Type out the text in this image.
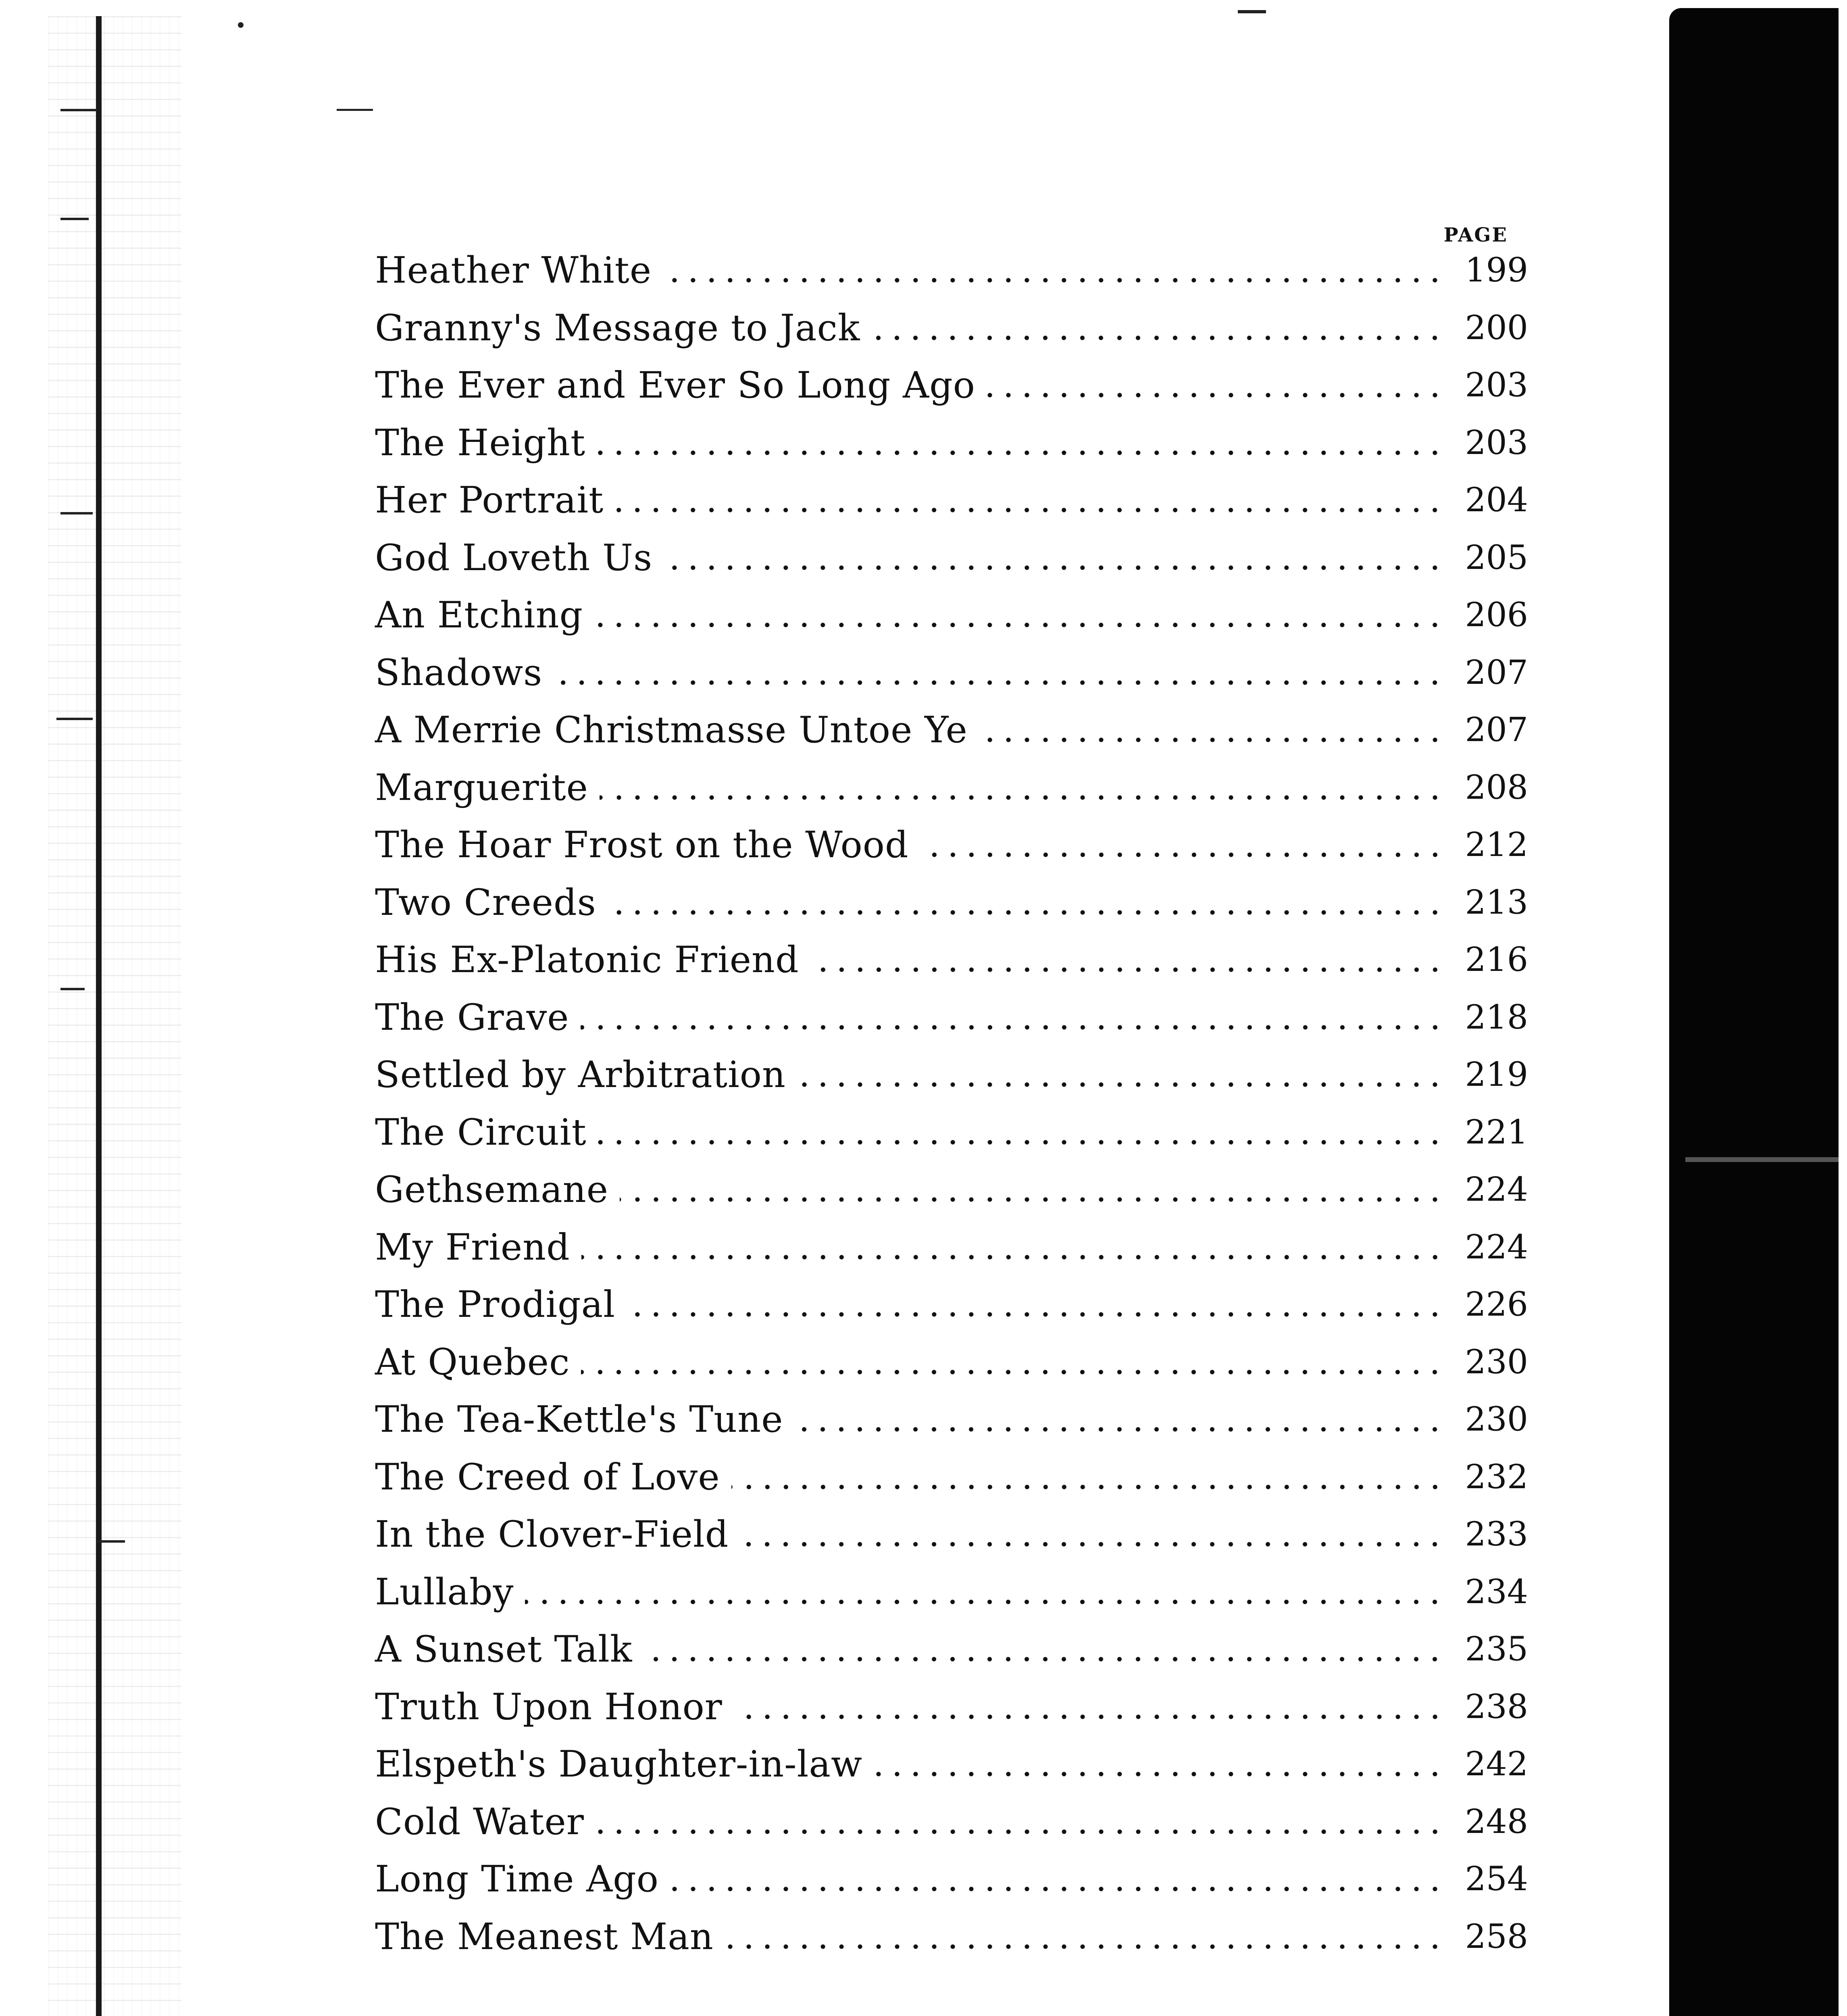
PAGE
Heather White	199
Granny's Message to Jack	200
The Ever and Ever So Long Ago	203
The Height	203
Her Portrait	204
God Loveth Us	205
An Etching	206
Shadows	207
A Merrie Christmasse Untoe Ye	207
Marguerite	208
The Hoar Frost on the Wood	212
Two Creeds	213
His Ex-Platonic Friend	216
The Grave	218
Settled by Arbitration	219
The Circuit	221
Gethsemane	224
My Friend	224
The Prodigal	226
At Quebec	230
The Tea-Kettle's Tune	230
The Creed of Love	232
In the Clover-Field	233
Lullaby	234
A Sunset Talk	235
Truth Upon Honor	238
Elspeth's Daughter-in-law	242
Cold Water	248
Long Time Ago	254
The Meanest Man	258
